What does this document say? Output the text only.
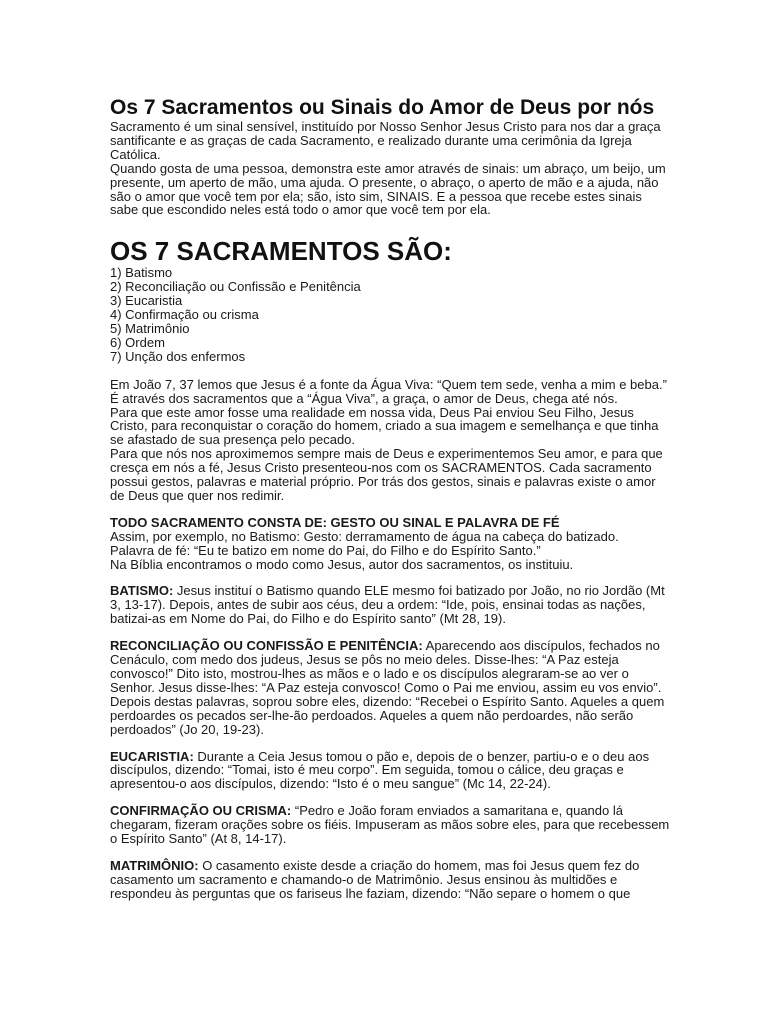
Os 7 Sacramentos ou Sinais do Amor de Deus por nós

Sacramento é um sinal sensível, instituído por Nosso Senhor Jesus Cristo para nos dar a graça santificante e as graças de cada Sacramento, e realizado durante uma cerimônia da Igreja Católica.

Quando gosta de uma pessoa, demonstra este amor através de sinais: um abraço, um beijo, um presente, um aperto de mão, uma ajuda. O presente, o abraço, o aperto de mão e a ajuda, não são o amor que você tem por ela; são, isto sim, SINAIS. E a pessoa que recebe estes sinais sabe que escondido neles está todo o amor que você tem por ela.

OS 7 SACRAMENTOS SÃO:
1) Batismo
2) Reconciliação ou Confissão e Penitência
3) Eucaristia
4) Confirmação ou crisma
5) Matrimônio
6) Ordem
7) Unção dos enfermos

Em João 7, 37 lemos que Jesus é a fonte da Água Viva: “Quem tem sede, venha a mim e beba.”

É através dos sacramentos que a “Água Viva”, a graça, o amor de Deus, chega até nós.

Para que este amor fosse uma realidade em nossa vida, Deus Pai enviou Seu Filho, Jesus Cristo, para reconquistar o coração do homem, criado a sua imagem e semelhança e que tinha se afastado de sua presença pelo pecado.

Para que nós nos aproximemos sempre mais de Deus e experimentemos Seu amor, e para que cresça em nós a fé, Jesus Cristo presenteou-nos com os SACRAMENTOS. Cada sacramento possui gestos, palavras e material próprio. Por trás dos gestos, sinais e palavras existe o amor de Deus que quer nos redimir.

TODO SACRAMENTO CONSTA DE: GESTO OU SINAL E PALAVRA DE FÉ

Assim, por exemplo, no Batismo: Gesto: derramamento de água na cabeça do batizado.

Palavra de fé: “Eu te batizo em nome do Pai, do Filho e do Espírito Santo.”

Na Bíblia encontramos o modo como Jesus, autor dos sacramentos, os instituiu.

BATISMO: Jesus instituí o Batismo quando ELE mesmo foi batizado por João, no rio Jordão (Mt 3, 13-17). Depois, antes de subir aos céus, deu a ordem: “Ide, pois, ensinai todas as nações, batizai-as em Nome do Pai, do Filho e do Espírito santo” (Mt 28, 19).

RECONCILIAÇÃO OU CONFISSÃO E PENITÊNCIA: Aparecendo aos discípulos, fechados no Cenáculo, com medo dos judeus, Jesus se pôs no meio deles. Disse-lhes: “A Paz esteja convosco!” Dito isto, mostrou-lhes as mãos e o lado e os discípulos alegraram-se ao ver o Senhor. Jesus disse-lhes: “A Paz esteja convosco! Como o Pai me enviou, assim eu vos envio”. Depois destas palavras, soprou sobre eles, dizendo: “Recebei o Espírito Santo. Aqueles a quem perdoardes os pecados ser-lhe-ão perdoados. Aqueles a quem não perdoardes, não serão perdoados” (Jo 20, 19-23).

EUCARISTIA: Durante a Ceia Jesus tomou o pão e, depois de o benzer, partiu-o e o deu aos discípulos, dizendo: “Tomai, isto é meu corpo”. Em seguida, tomou o cálice, deu graças e apresentou-o aos discípulos, dizendo: “Isto é o meu sangue” (Mc 14, 22-24).

CONFIRMAÇÃO OU CRISMA: “Pedro e João foram enviados a samaritana e, quando lá chegaram, fizeram orações sobre os fiéis. Impuseram as mãos sobre eles, para que recebessem o Espírito Santo” (At 8, 14-17).

MATRIMÔNIO: O casamento existe desde a criação do homem, mas foi Jesus quem fez do casamento um sacramento e chamando-o de Matrimônio. Jesus ensinou às multidões e respondeu às perguntas que os fariseus lhe faziam, dizendo: “Não separe o homem o que
